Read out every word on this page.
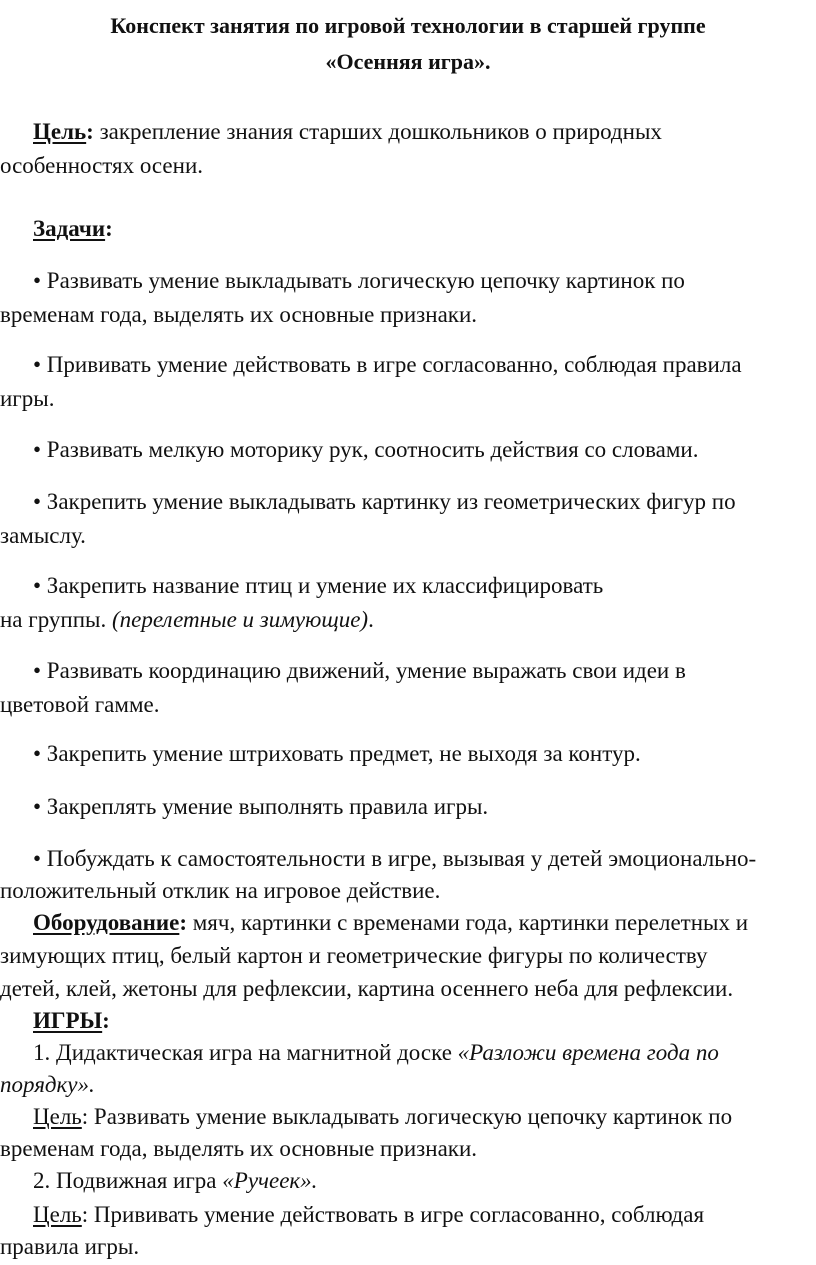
Конспект занятия по игровой технологии в старшей группе
«Осенняя игра».
Цель: закрепление знания старших дошкольников о природных
особенностях осени.
Задачи:
• Развивать умение выкладывать логическую цепочку картинок по
временам года, выделять их основные признаки.
• Прививать умение действовать в игре согласованно, соблюдая правила
игры.
• Развивать мелкую моторику рук, соотносить действия со словами.
• Закрепить умение выкладывать картинку из геометрических фигур по
замыслу.
• Закрепить название птиц и умение их классифицировать
на группы. (перелетные и зимующие).
• Развивать координацию движений, умение выражать свои идеи в
цветовой гамме.
• Закрепить умение штриховать предмет, не выходя за контур.
• Закреплять умение выполнять правила игры.
• Побуждать к самостоятельности в игре, вызывая у детей эмоционально-
положительный отклик на игровое действие.
Оборудование: мяч, картинки с временами года, картинки перелетных и
зимующих птиц, белый картон и геометрические фигуры по количеству
детей, клей, жетоны для рефлексии, картина осеннего неба для рефлексии.
ИГРЫ:
1. Дидактическая игра на магнитной доске «Разложи времена года по
порядку».
Цель: Развивать умение выкладывать логическую цепочку картинок по
временам года, выделять их основные признаки.
2. Подвижная игра «Ручеек».
Цель: Прививать умение действовать в игре согласованно, соблюдая
правила игры.
